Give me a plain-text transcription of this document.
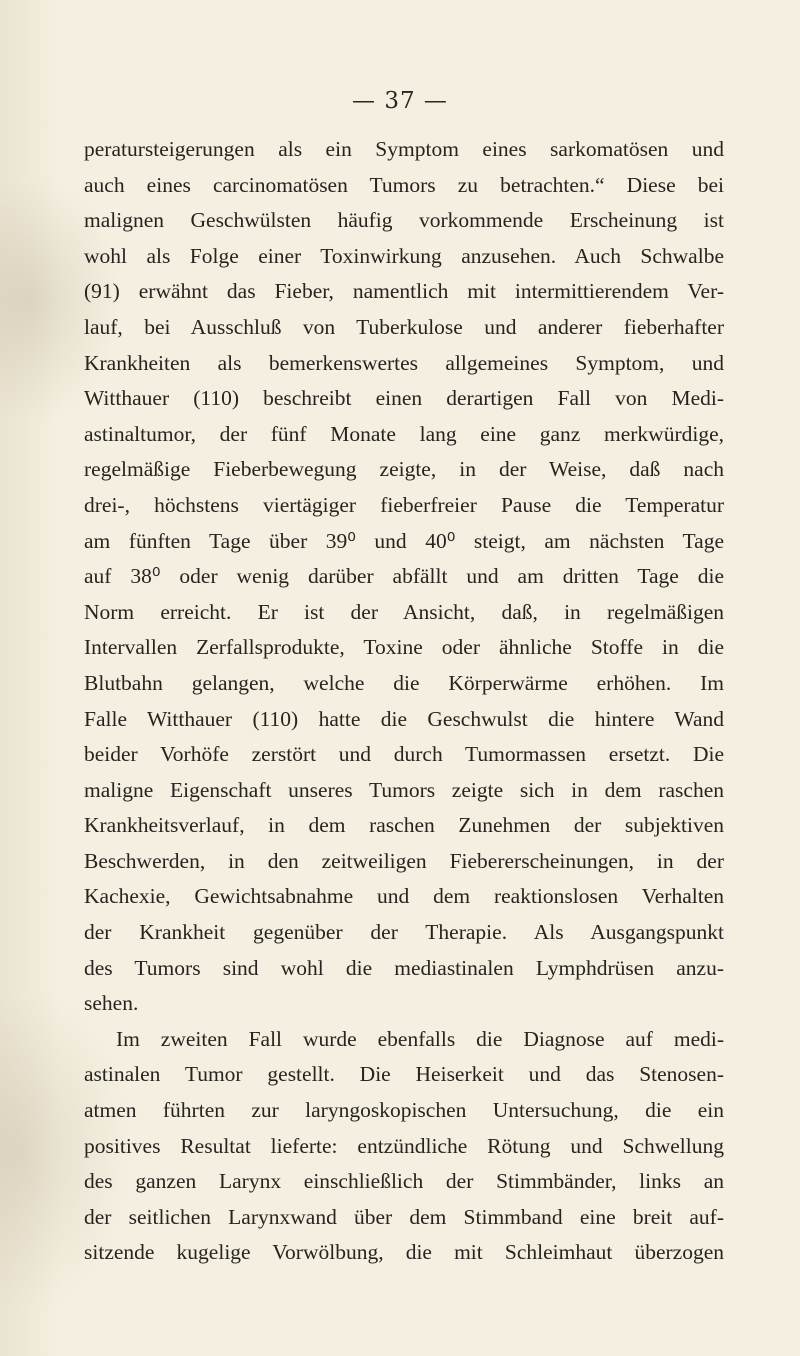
— 37 —
peratursteigerungen als ein Symptom eines sarkomatösen und
auch eines carcinomatösen Tumors zu betrachten.“ Diese bei
malignen Geschwülsten häufig vorkommende Erscheinung ist
wohl als Folge einer Toxinwirkung anzusehen. Auch Schwalbe
(91) erwähnt das Fieber, namentlich mit intermittierendem Ver-
lauf, bei Ausschluß von Tuberkulose und anderer fieberhafter
Krankheiten als bemerkenswertes allgemeines Symptom, und
Witthauer (110) beschreibt einen derartigen Fall von Medi-
astinaltumor, der fünf Monate lang eine ganz merkwürdige,
regelmäßige Fieberbewegung zeigte, in der Weise, daß nach
drei-, höchstens viertägiger fieberfreier Pause die Temperatur
am fünften Tage über 39⁰ und 40⁰ steigt, am nächsten Tage
auf 38⁰ oder wenig darüber abfällt und am dritten Tage die
Norm erreicht. Er ist der Ansicht, daß, in regelmäßigen
Intervallen Zerfallsprodukte, Toxine oder ähnliche Stoffe in die
Blutbahn gelangen, welche die Körperwärme erhöhen. Im
Falle Witthauer (110) hatte die Geschwulst die hintere Wand
beider Vorhöfe zerstört und durch Tumormassen ersetzt. Die
maligne Eigenschaft unseres Tumors zeigte sich in dem raschen
Krankheitsverlauf, in dem raschen Zunehmen der subjektiven
Beschwerden, in den zeitweiligen Fiebererscheinungen, in der
Kachexie, Gewichtsabnahme und dem reaktionslosen Verhalten
der Krankheit gegenüber der Therapie. Als Ausgangspunkt
des Tumors sind wohl die mediastinalen Lymphdrüsen anzu-
sehen.
Im zweiten Fall wurde ebenfalls die Diagnose auf medi-
astinalen Tumor gestellt. Die Heiserkeit und das Stenosen-
atmen führten zur laryngoskopischen Untersuchung, die ein
positives Resultat lieferte: entzündliche Rötung und Schwellung
des ganzen Larynx einschließlich der Stimmbänder, links an
der seitlichen Larynxwand über dem Stimmband eine breit auf-
sitzende kugelige Vorwölbung, die mit Schleimhaut überzogen
